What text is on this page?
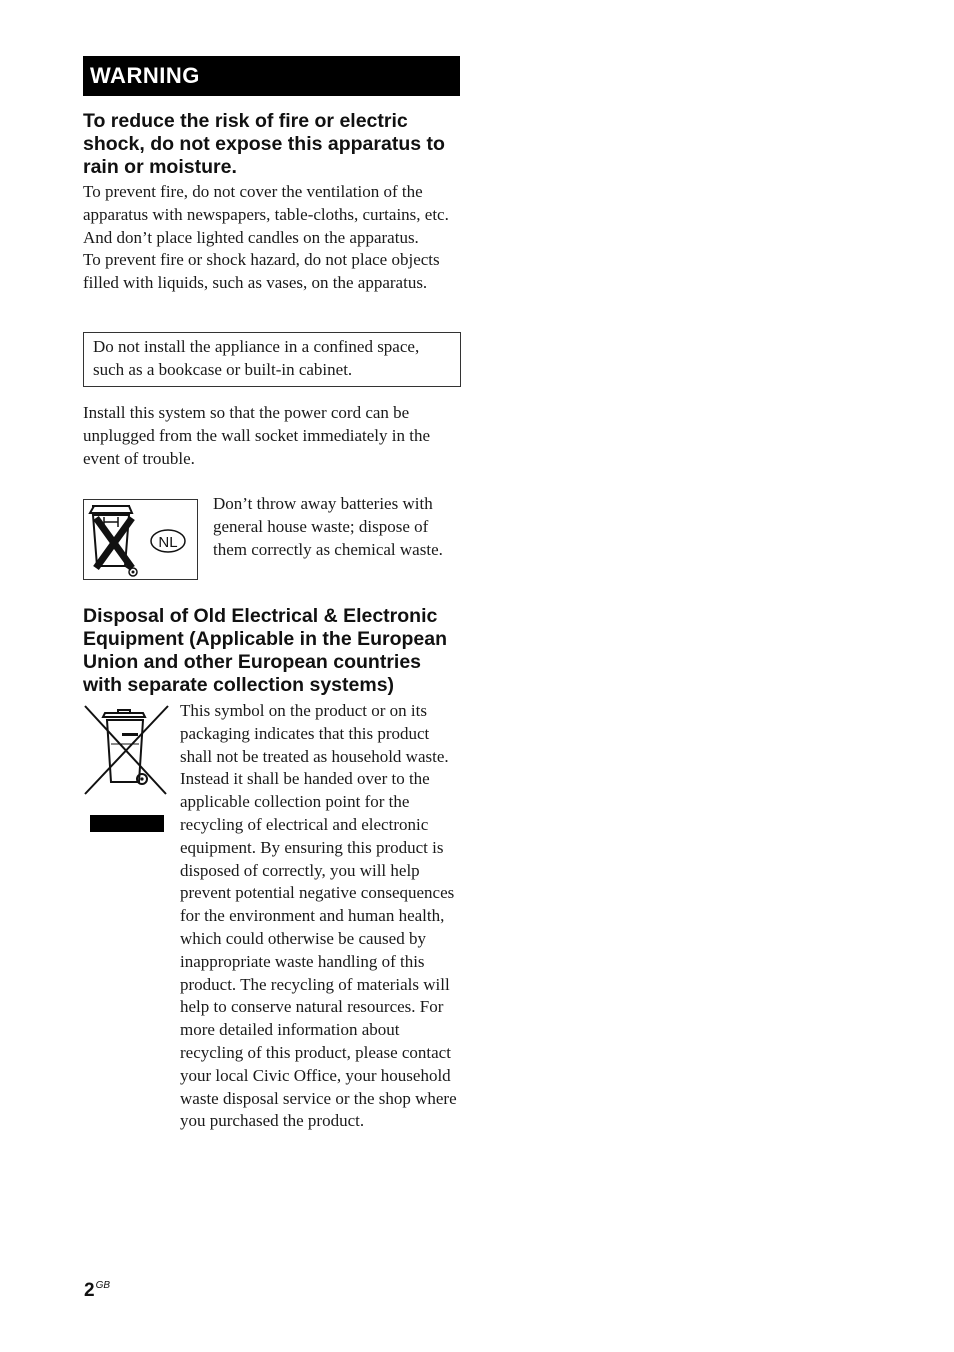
WARNING
To reduce the risk of fire or electric shock, do not expose this apparatus to rain or moisture.

To prevent fire, do not cover the ventilation of the apparatus with newspapers, table-cloths, curtains, etc. And don’t place lighted candles on the apparatus.

To prevent fire or shock hazard, do not place objects filled with liquids, such as vases, on the apparatus.

Do not install the appliance in a confined space, such as a bookcase or built-in cabinet.

Install this system so that the power cord can be unplugged from the wall socket immediately in the event of trouble.

NL

Don’t throw away batteries with general house waste; dispose of them correctly as chemical waste.

Disposal of Old Electrical & Electronic Equipment (Applicable in the European Union and other European countries with separate collection systems)

This symbol on the product or on its packaging indicates that this product shall not be treated as household waste. Instead it shall be handed over to the applicable collection point for the recycling of electrical and electronic equipment. By ensuring this product is disposed of correctly, you will help prevent potential negative consequences for the environment and human health, which could otherwise be caused by inappropriate waste handling of this product. The recycling of materials will help to conserve natural resources. For more detailed information about recycling of this product, please contact your local Civic Office, your household waste disposal service or the shop where you purchased the product.

$2^{GB}$
